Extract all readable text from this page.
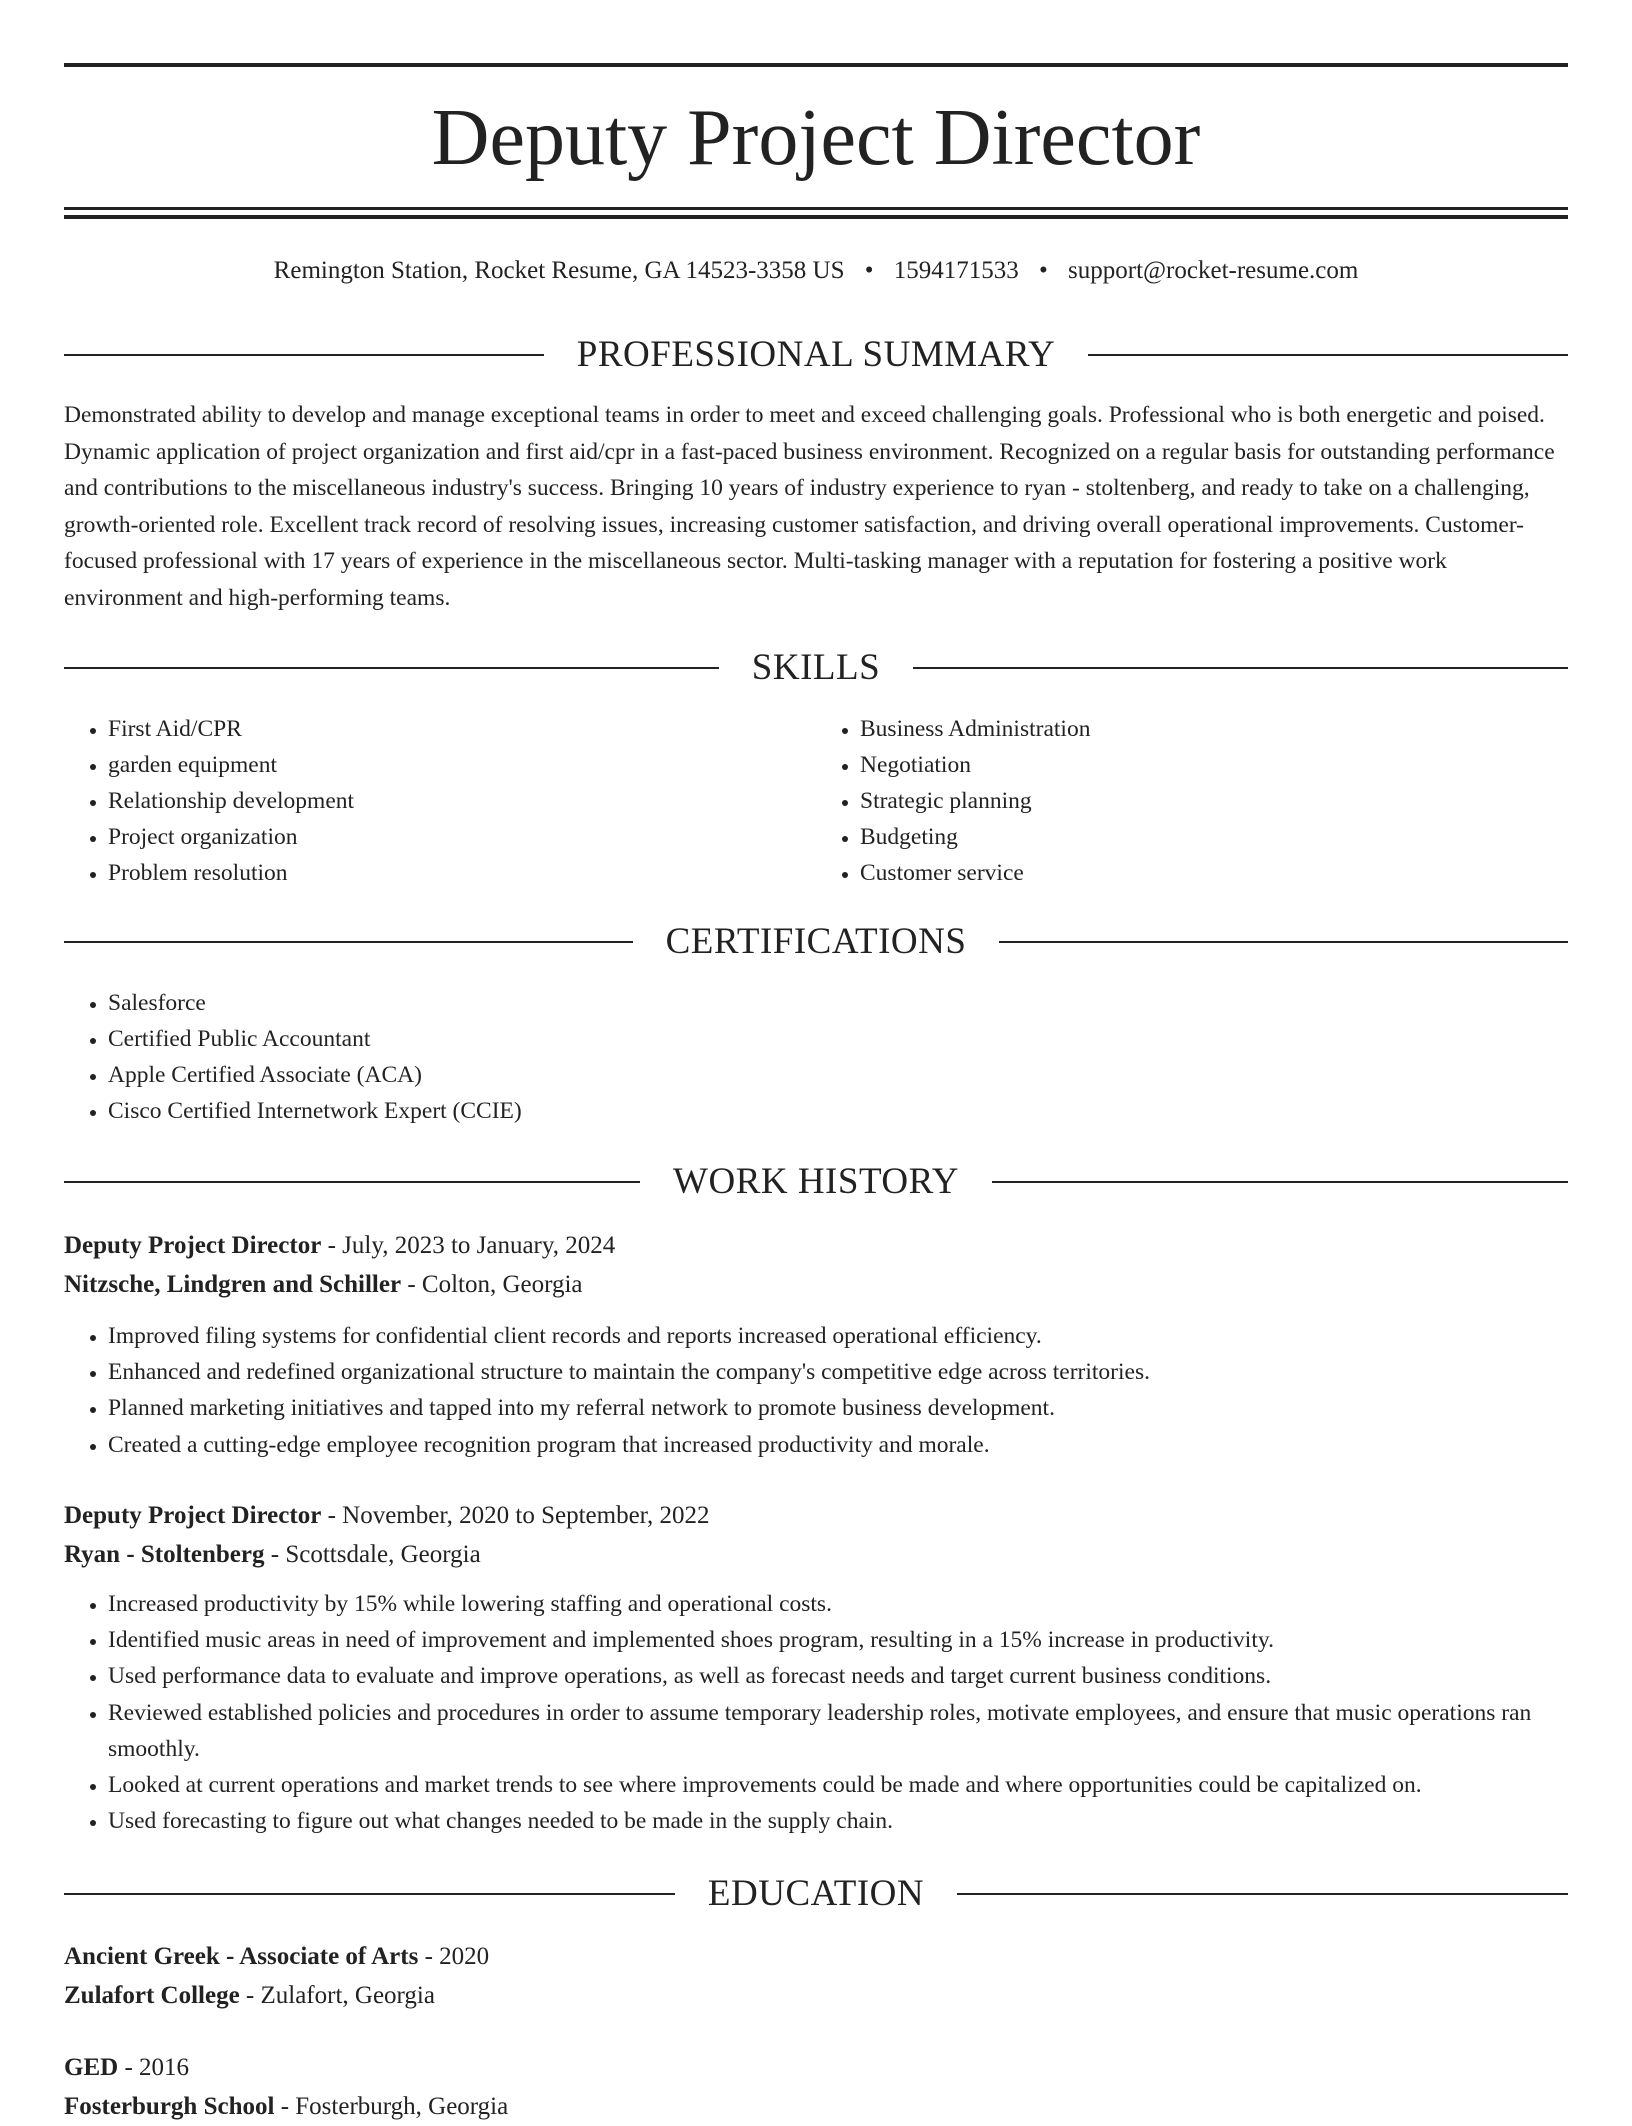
Deputy Project Director
Remington Station, Rocket Resume, GA 14523-3358 US • 1594171533 • support@rocket-resume.com
PROFESSIONAL SUMMARY

Demonstrated ability to develop and manage exceptional teams in order to meet and exceed challenging goals. Professional who is both energetic and poised. Dynamic application of project organization and first aid/cpr in a fast-paced business environment. Recognized on a regular basis for outstanding performance and contributions to the miscellaneous industry's success. Bringing 10 years of industry experience to ryan - stoltenberg, and ready to take on a challenging, growth-oriented role. Excellent track record of resolving issues, increasing customer satisfaction, and driving overall operational improvements. Customer-focused professional with 17 years of experience in the miscellaneous sector. Multi-tasking manager with a reputation for fostering a positive work environment and high-performing teams.

SKILLS
• First Aid/CPR
• garden equipment
• Relationship development
• Project organization
• Problem resolution
• Business Administration
• Negotiation
• Strategic planning
• Budgeting
• Customer service
CERTIFICATIONS
• Salesforce
• Certified Public Accountant
• Apple Certified Associate (ACA)
• Cisco Certified Internetwork Expert (CCIE)
WORK HISTORY

Deputy Project Director - July, 2023 to January, 2024

Nitzsche, Lindgren and Schiller - Colton, Georgia

• Improved filing systems for confidential client records and reports increased operational efficiency.
• Enhanced and redefined organizational structure to maintain the company's competitive edge across territories.
• Planned marketing initiatives and tapped into my referral network to promote business development.
• Created a cutting-edge employee recognition program that increased productivity and morale.

Deputy Project Director - November, 2020 to September, 2022

Ryan - Stoltenberg - Scottsdale, Georgia

• Increased productivity by 15% while lowering staffing and operational costs.
• Identified music areas in need of improvement and implemented shoes program, resulting in a 15% increase in productivity.
• Used performance data to evaluate and improve operations, as well as forecast needs and target current business conditions.
• Reviewed established policies and procedures in order to assume temporary leadership roles, motivate employees, and ensure that music operations ran smoothly.
• Looked at current operations and market trends to see where improvements could be made and where opportunities could be capitalized on.
• Used forecasting to figure out what changes needed to be made in the supply chain.
EDUCATION

Ancient Greek - Associate of Arts - 2020

Zulafort College - Zulafort, Georgia

GED - 2016

Fosterburgh School - Fosterburgh, Georgia
